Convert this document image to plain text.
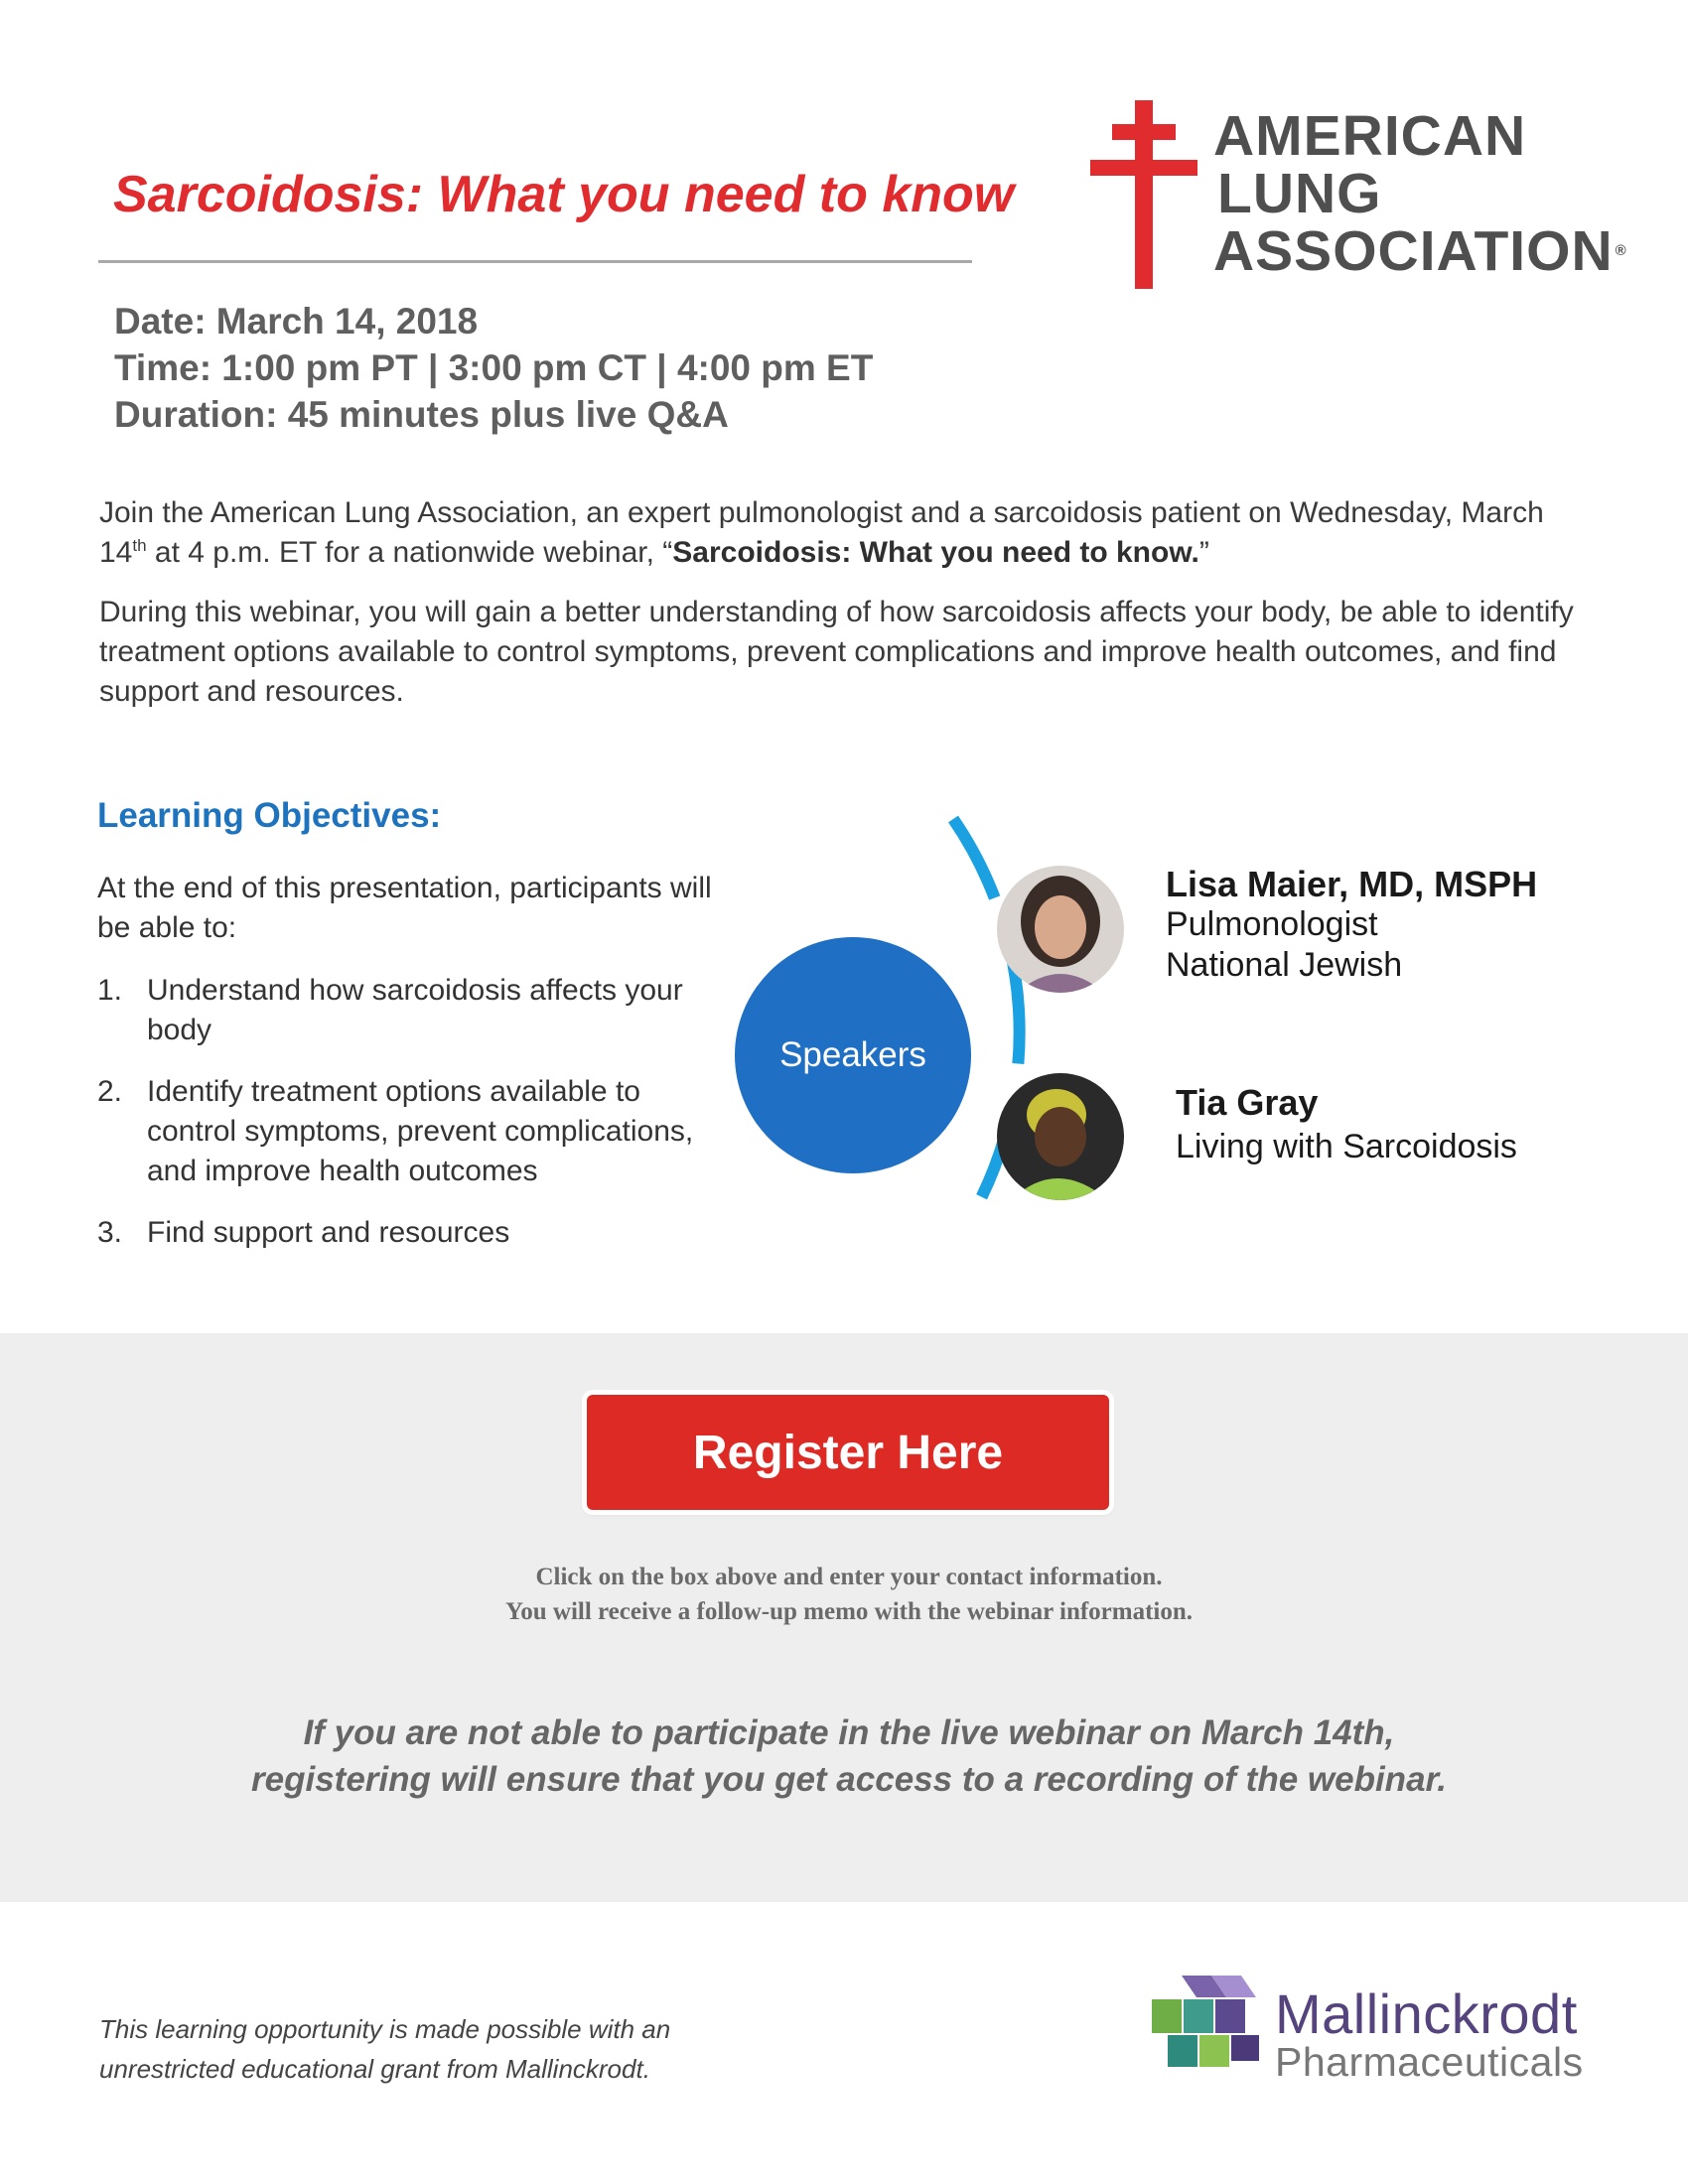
Sarcoidosis: What you need to know
AMERICAN
LUNG
ASSOCIATION ®
Date: March 14, 2018
Time: 1:00 pm PT | 3:00 pm CT | 4:00 pm ET
Duration: 45 minutes plus live Q&A
Join the American Lung Association, an expert pulmonologist and a sarcoidosis patient on Wednesday, March 14th at 4 p.m. ET for a nationwide webinar, “Sarcoidosis: What you need to know.”
During this webinar, you will gain a better understanding of how sarcoidosis affects your body, be able to identify treatment options available to control symptoms, prevent complications and improve health outcomes, and find support and resources.
Learning Objectives:
At the end of this presentation, participants will be able to:
1. Understand how sarcoidosis affects your body
2. Identify treatment options available to control symptoms, prevent complications, and improve health outcomes
3. Find support and resources
Speakers
Lisa Maier, MD, MSPH
Pulmonologist
National Jewish
Tia Gray
Living with Sarcoidosis
Register Here
Click on the box above and enter your contact information.
You will receive a follow-up memo with the webinar information.
If you are not able to participate in the live webinar on March 14th,
registering will ensure that you get access to a recording of the webinar.
This learning opportunity is made possible with an
unrestricted educational grant from Mallinckrodt.
Mallinckrodt
Pharmaceuticals
